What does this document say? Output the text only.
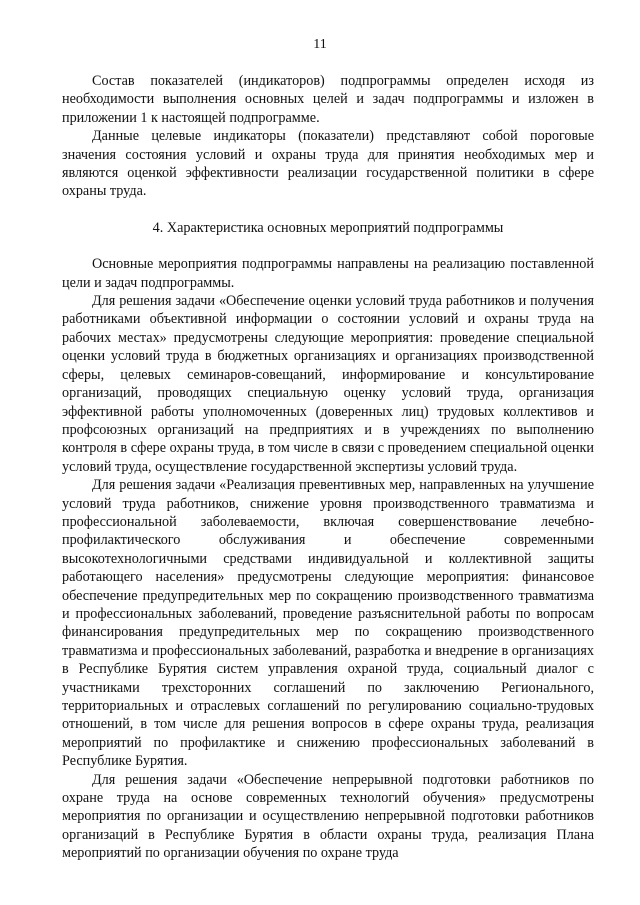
11

Состав показателей (индикаторов) подпрограммы определен исходя из необходимости выполнения основных целей и задач подпрограммы и изложен в приложении 1 к настоящей подпрограмме.

Данные целевые индикаторы (показатели) представляют собой пороговые значения состояния условий и охраны труда для принятия необходимых мер и являются оценкой эффективности реализации государственной политики в сфере охраны труда.

4. Характеристика основных мероприятий подпрограммы

Основные мероприятия подпрограммы направлены на реализацию поставленной цели и задач подпрограммы.

Для решения задачи «Обеспечение оценки условий труда работников и получения работниками объективной информации о состоянии условий и охраны труда на рабочих местах» предусмотрены следующие мероприятия: проведение специальной оценки условий труда в бюджетных организациях и организациях производственной сферы, целевых семинаров-совещаний, информирование и консультирование организаций, проводящих специальную оценку условий труда, организация эффективной работы уполномоченных (доверенных лиц) трудовых коллективов и профсоюзных организаций на предприятиях и в учреждениях по выполнению контроля в сфере охраны труда, в том числе в связи с проведением специальной оценки условий труда, осуществление государственной экспертизы условий труда.

Для решения задачи «Реализация превентивных мер, направленных на улучшение условий труда работников, снижение уровня производственного травматизма и профессиональной заболеваемости, включая совершенствование лечебно-профилактического обслуживания и обеспечение современными высокотехнологичными средствами индивидуальной и коллективной защиты работающего населения» предусмотрены следующие мероприятия: финансовое обеспечение предупредительных мер по сокращению производственного травматизма и профессиональных заболеваний, проведение разъяснительной работы по вопросам финансирования предупредительных мер по сокращению производственного травматизма и профессиональных заболеваний, разработка и внедрение в организациях в Республике Бурятия систем управления охраной труда, социальный диалог с участниками трехсторонних соглашений по заключению Регионального, территориальных и отраслевых соглашений по регулированию социально-трудовых отношений, в том числе для решения вопросов в сфере охраны труда, реализация мероприятий по профилактике и снижению профессиональных заболеваний в Республике Бурятия.

Для решения задачи «Обеспечение непрерывной подготовки работников по охране труда на основе современных технологий обучения» предусмотрены мероприятия по организации и осуществлению непрерывной подготовки работников организаций в Республике Бурятия в области охраны труда, реализация Плана мероприятий по организации обучения по охране труда
